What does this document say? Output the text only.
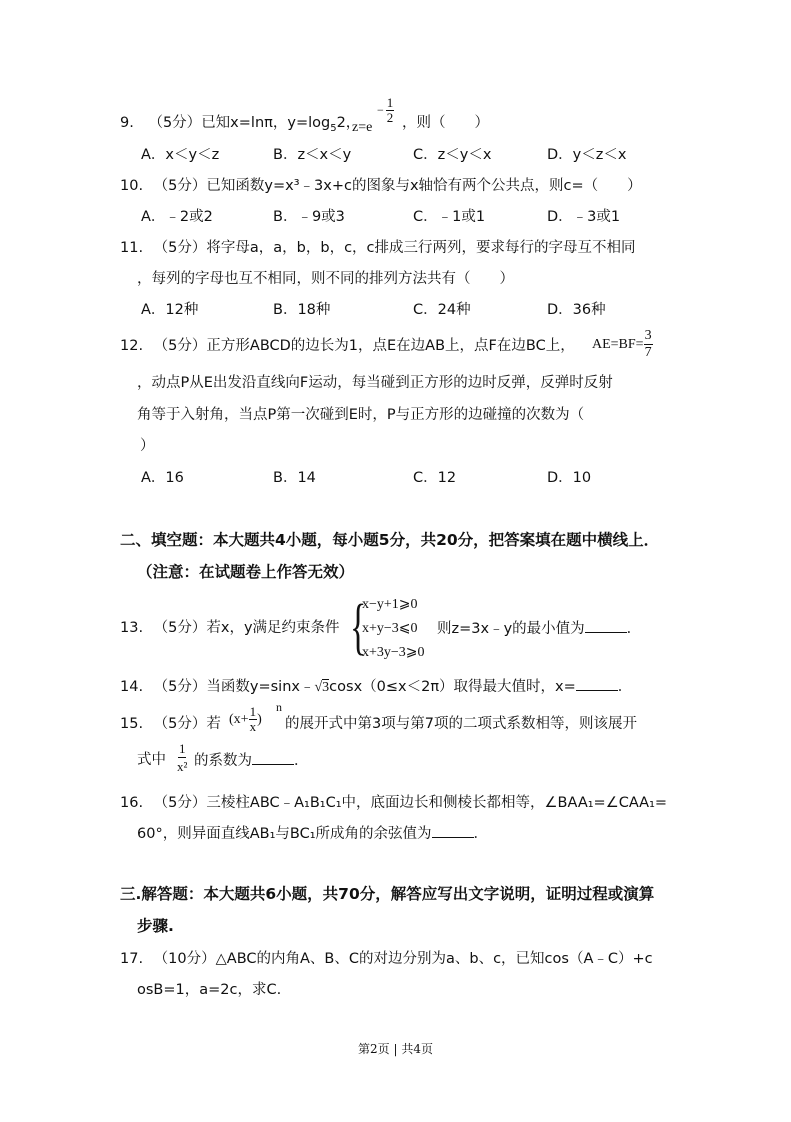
9. （5分）已知x=lnπ，$y=\log_52$，
z=e
− $\frac{1}{2}$ ，则（　　）
A．x＜y＜z	B．z＜x＜y	C．z＜y＜x	D．y＜z＜x
10. （5分）已知函数y=x³﹣3x+c的图象与x轴恰有两个公共点，则c=（　　）
A．﹣2或2	B．﹣9或3	C．﹣1或1	D．﹣3或1
11. （5分）将字母a，a，b，b，c，c排成三行两列，要求每行的字母互不相同
，每列的字母也互不相同，则不同的排列方法共有（　　）
A．12种	B．18种	C．24种	D．36种
12. （5分）正方形ABCD的边长为1，点E在边AB上，点F在边BC上， $AE=BF= \frac{3}{7}$
，动点P从E出发沿直线向F运动，每当碰到正方形的边时反弹，反弹时反射
角等于入射角，当点P第一次碰到E时，P与正方形的边碰撞的次数为（
）
A．16	B．14	C．12	D．10
二、填空题：本大题共4小题，每小题5分，共20分，把答案填在题中横线上．
（注意：在试题卷上作答无效）
13. （5分）若x，y满足约束条件 {
x−y+1⩾0
x+y−3⩽0
x+3y−3⩾0
则z=3x﹣y的最小值为	．
14. （5分）当函数y=sinx﹣√3cosx（0≤x＜2π）取得最大值时，x=	．
15. （5分）若 ($x+ \frac{1}{x}$ )
n
的展开式中第3项与第7项的二项式系数相等，则该展开
式中 $\frac{1}{\text{x²}}$ 的系数为	．
16. （5分）三棱柱ABC﹣A₁B₁C₁中，底面边长和侧棱长都相等，∠BAA₁=∠CAA₁=
60°，则异面直线AB₁与BC₁所成角的余弦值为	．
三.解答题：本大题共6小题，共70分，解答应写出文字说明，证明过程或演算
步骤.
17. （10分）△ABC的内角A、B、C的对边分别为a、b、c，已知cos（A﹣C）+c
osB=1，a=2c，求C.
第2页 | 共4页
